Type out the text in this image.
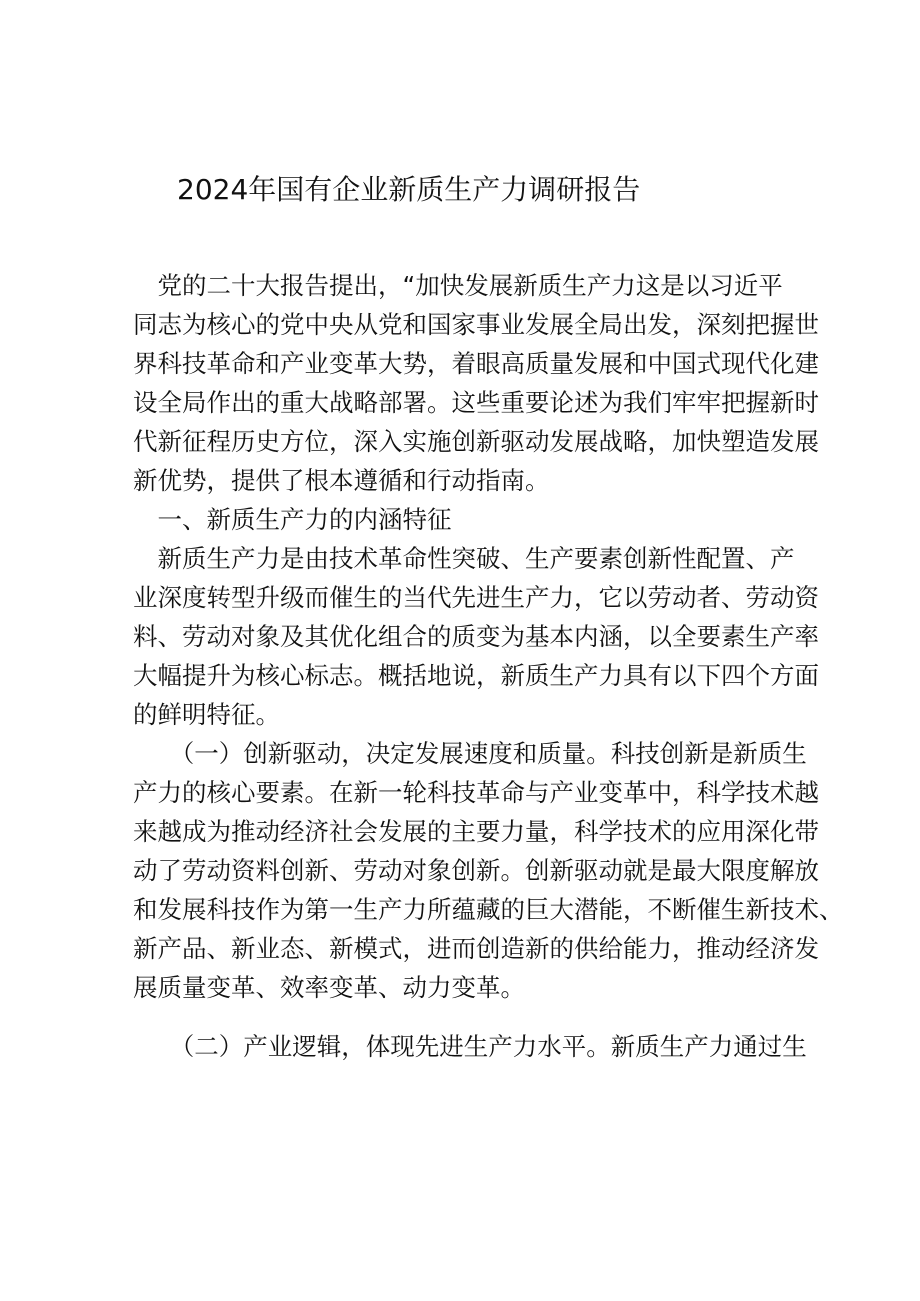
2024年国有企业新质生产力调研报告
　党的二十大报告提出，“加快发展新质生产力这是以习近平
同志为核心的党中央从党和国家事业发展全局出发，深刻把握世
界科技革命和产业变革大势，着眼高质量发展和中国式现代化建
设全局作出的重大战略部署。这些重要论述为我们牢牢把握新时
代新征程历史方位，深入实施创新驱动发展战略，加快塑造发展
新优势，提供了根本遵循和行动指南。
　一、新质生产力的内涵特征
　新质生产力是由技术革命性突破、生产要素创新性配置、产
业深度转型升级而催生的当代先进生产力，它以劳动者、劳动资
料、劳动对象及其优化组合的质变为基本内涵，以全要素生产率
大幅提升为核心标志。概括地说，新质生产力具有以下四个方面
的鲜明特征。
　　（一）创新驱动，决定发展速度和质量。科技创新是新质生
产力的核心要素。在新一轮科技革命与产业变革中，科学技术越
来越成为推动经济社会发展的主要力量，科学技术的应用深化带
动了劳动资料创新、劳动对象创新。创新驱动就是最大限度解放
和发展科技作为第一生产力所蕴藏的巨大潜能，不断催生新技术、
新产品、新业态、新模式，进而创造新的供给能力，推动经济发
展质量变革、效率变革、动力变革。
　　（二）产业逻辑，体现先进生产力水平。新质生产力通过生
